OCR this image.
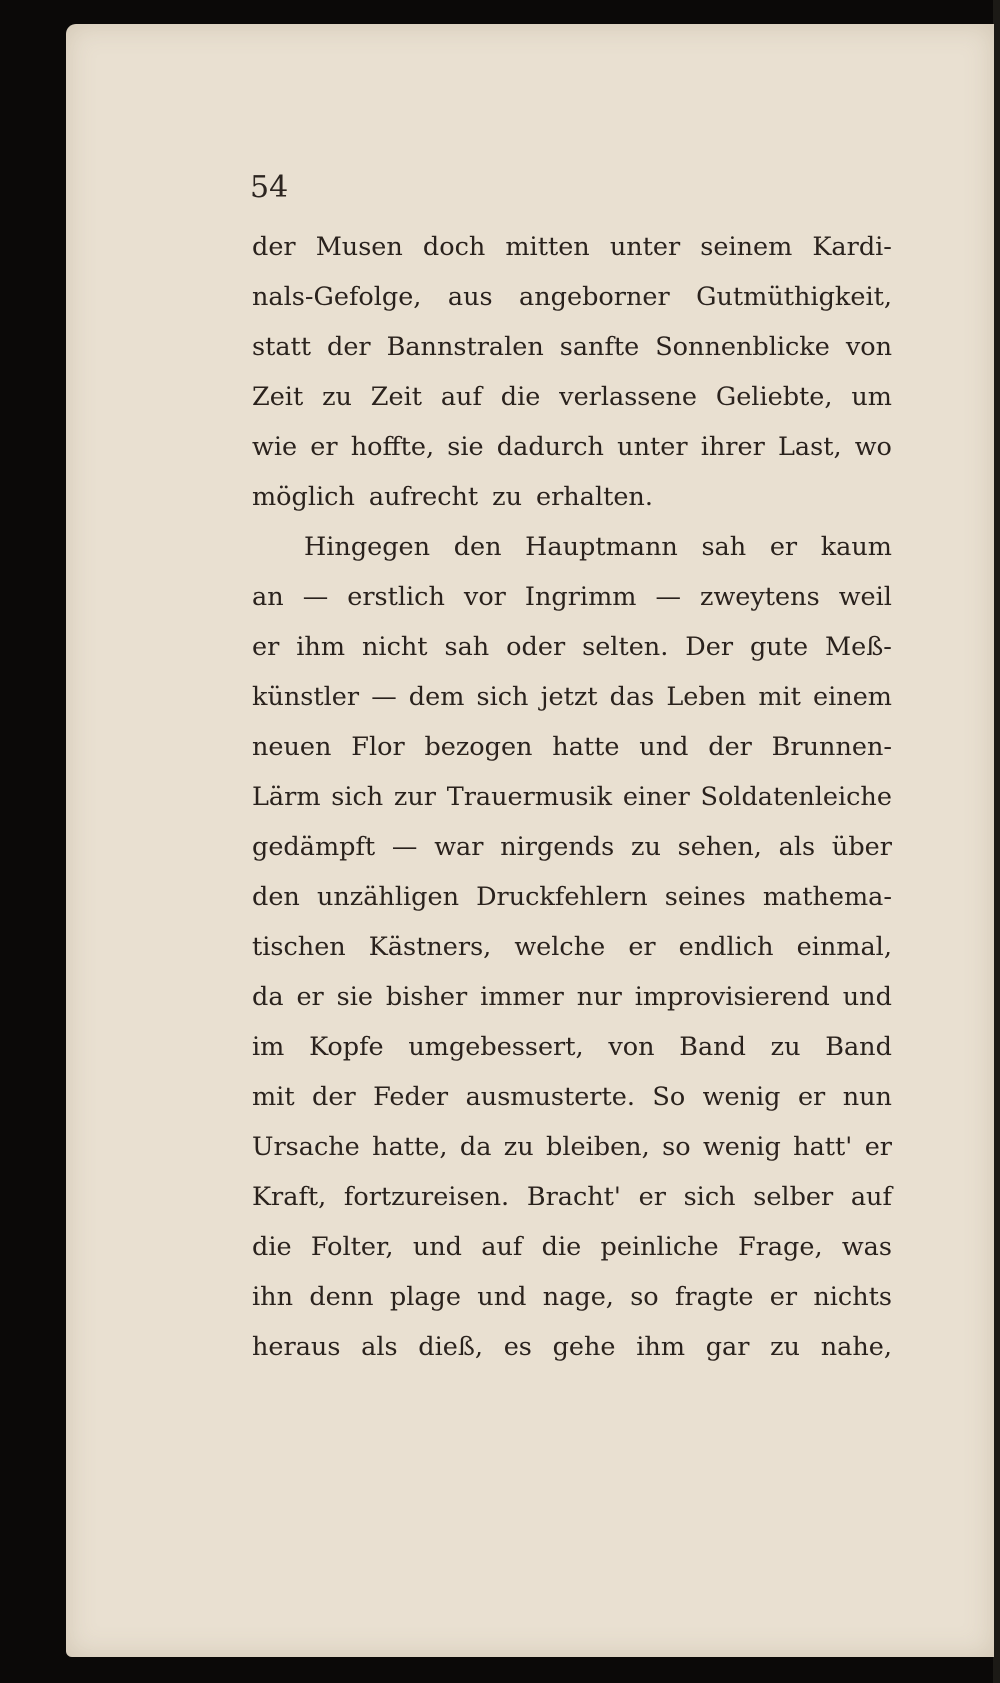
54

der Musen doch mitten unter seinem Kardi-
nals-Gefolge, aus angeborner Gutmüthigkeit,
statt der Bannstralen sanfte Sonnenblicke von
Zeit zu Zeit auf die verlassene Geliebte, um
wie er hoffte, sie dadurch unter ihrer Last, wo
möglich aufrecht zu erhalten.
Hingegen den Hauptmann sah er kaum
an — erstlich vor Ingrimm — zweytens weil
er ihm nicht sah oder selten. Der gute Meß-
künstler — dem sich jetzt das Leben mit einem
neuen Flor bezogen hatte und der Brunnen-
Lärm sich zur Trauermusik einer Soldatenleiche
gedämpft — war nirgends zu sehen, als über
den unzähligen Druckfehlern seines mathema-
tischen Kästners, welche er endlich einmal,
da er sie bisher immer nur improvisierend und
im Kopfe umgebessert, von Band zu Band
mit der Feder ausmusterte. So wenig er nun
Ursache hatte, da zu bleiben, so wenig hatt' er
Kraft, fortzureisen. Bracht' er sich selber auf
die Folter, und auf die peinliche Frage, was
ihn denn plage und nage, so fragte er nichts
heraus als dieß, es gehe ihm gar zu nahe,
